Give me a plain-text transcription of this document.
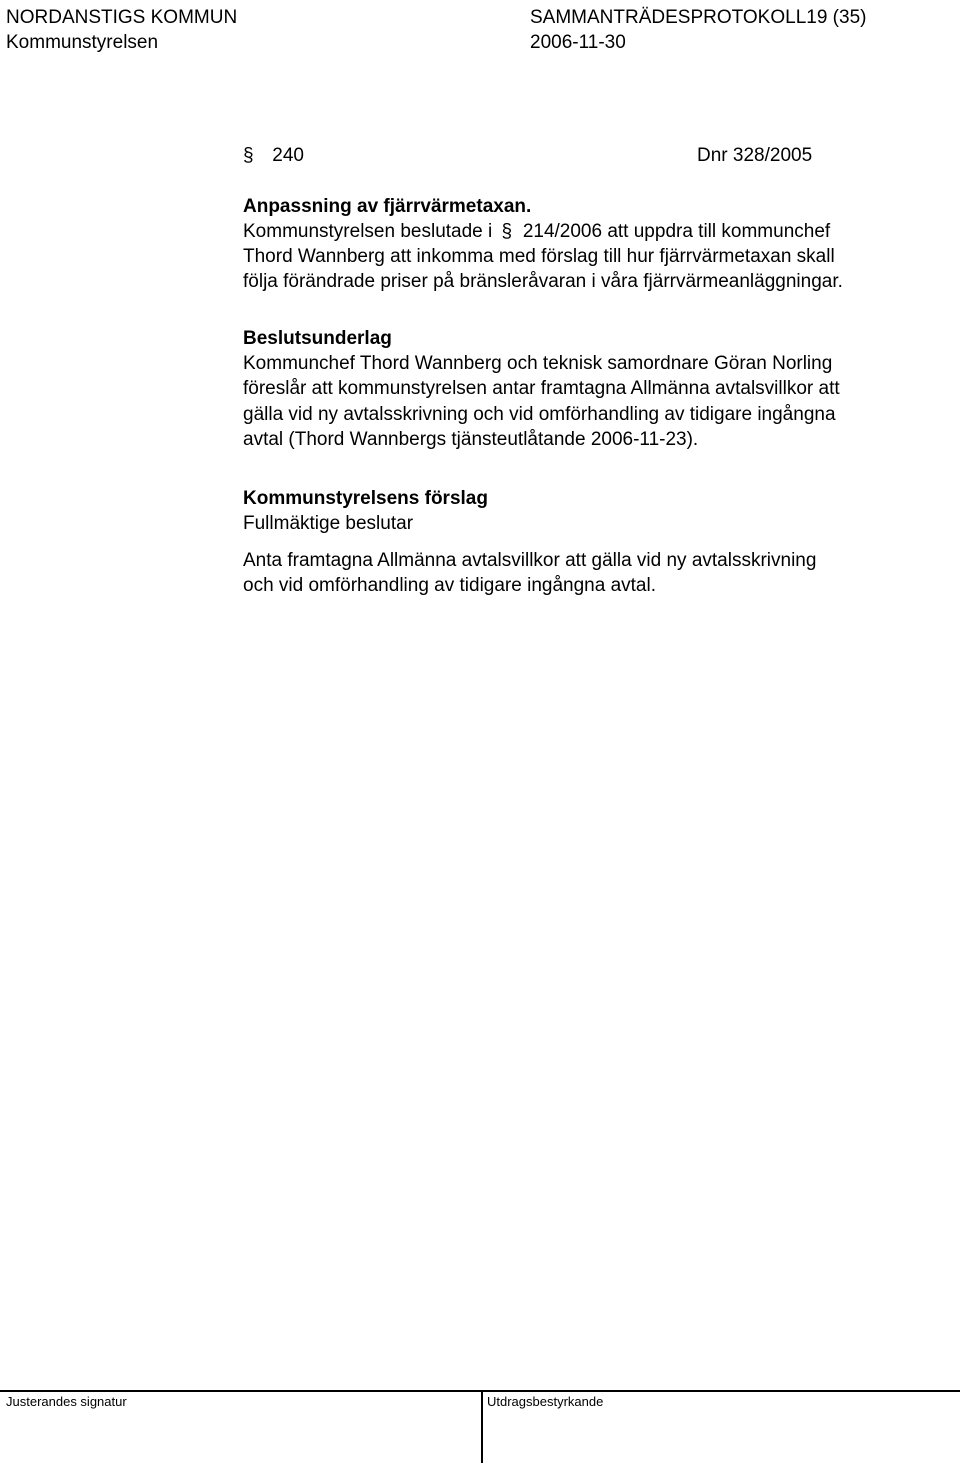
NORDANSTIGS KOMMUN	SAMMANTRÄDESPROTOKOLL19 (35)
Kommunstyrelsen	2006-11-30
§ 240	Dnr 328/2005
Anpassning av fjärrvärmetaxan.
Kommunstyrelsen beslutade i § 214/2006 att uppdra till kommunchef
Thord Wannberg att inkomma med förslag till hur fjärrvärmetaxan skall
följa förändrade priser på bränsleråvaran i våra fjärrvärmeanläggningar.
Beslutsunderlag
Kommunchef Thord Wannberg och teknisk samordnare Göran Norling
föreslår att kommunstyrelsen antar framtagna Allmänna avtalsvillkor att
gälla vid ny avtalsskrivning och vid omförhandling av tidigare ingångna
avtal (Thord Wannbergs tjänsteutlåtande 2006-11-23).
Kommunstyrelsens förslag
Fullmäktige beslutar
Anta framtagna Allmänna avtalsvillkor att gälla vid ny avtalsskrivning
och vid omförhandling av tidigare ingångna avtal.
Justerandes signatur	Utdragsbestyrkande
